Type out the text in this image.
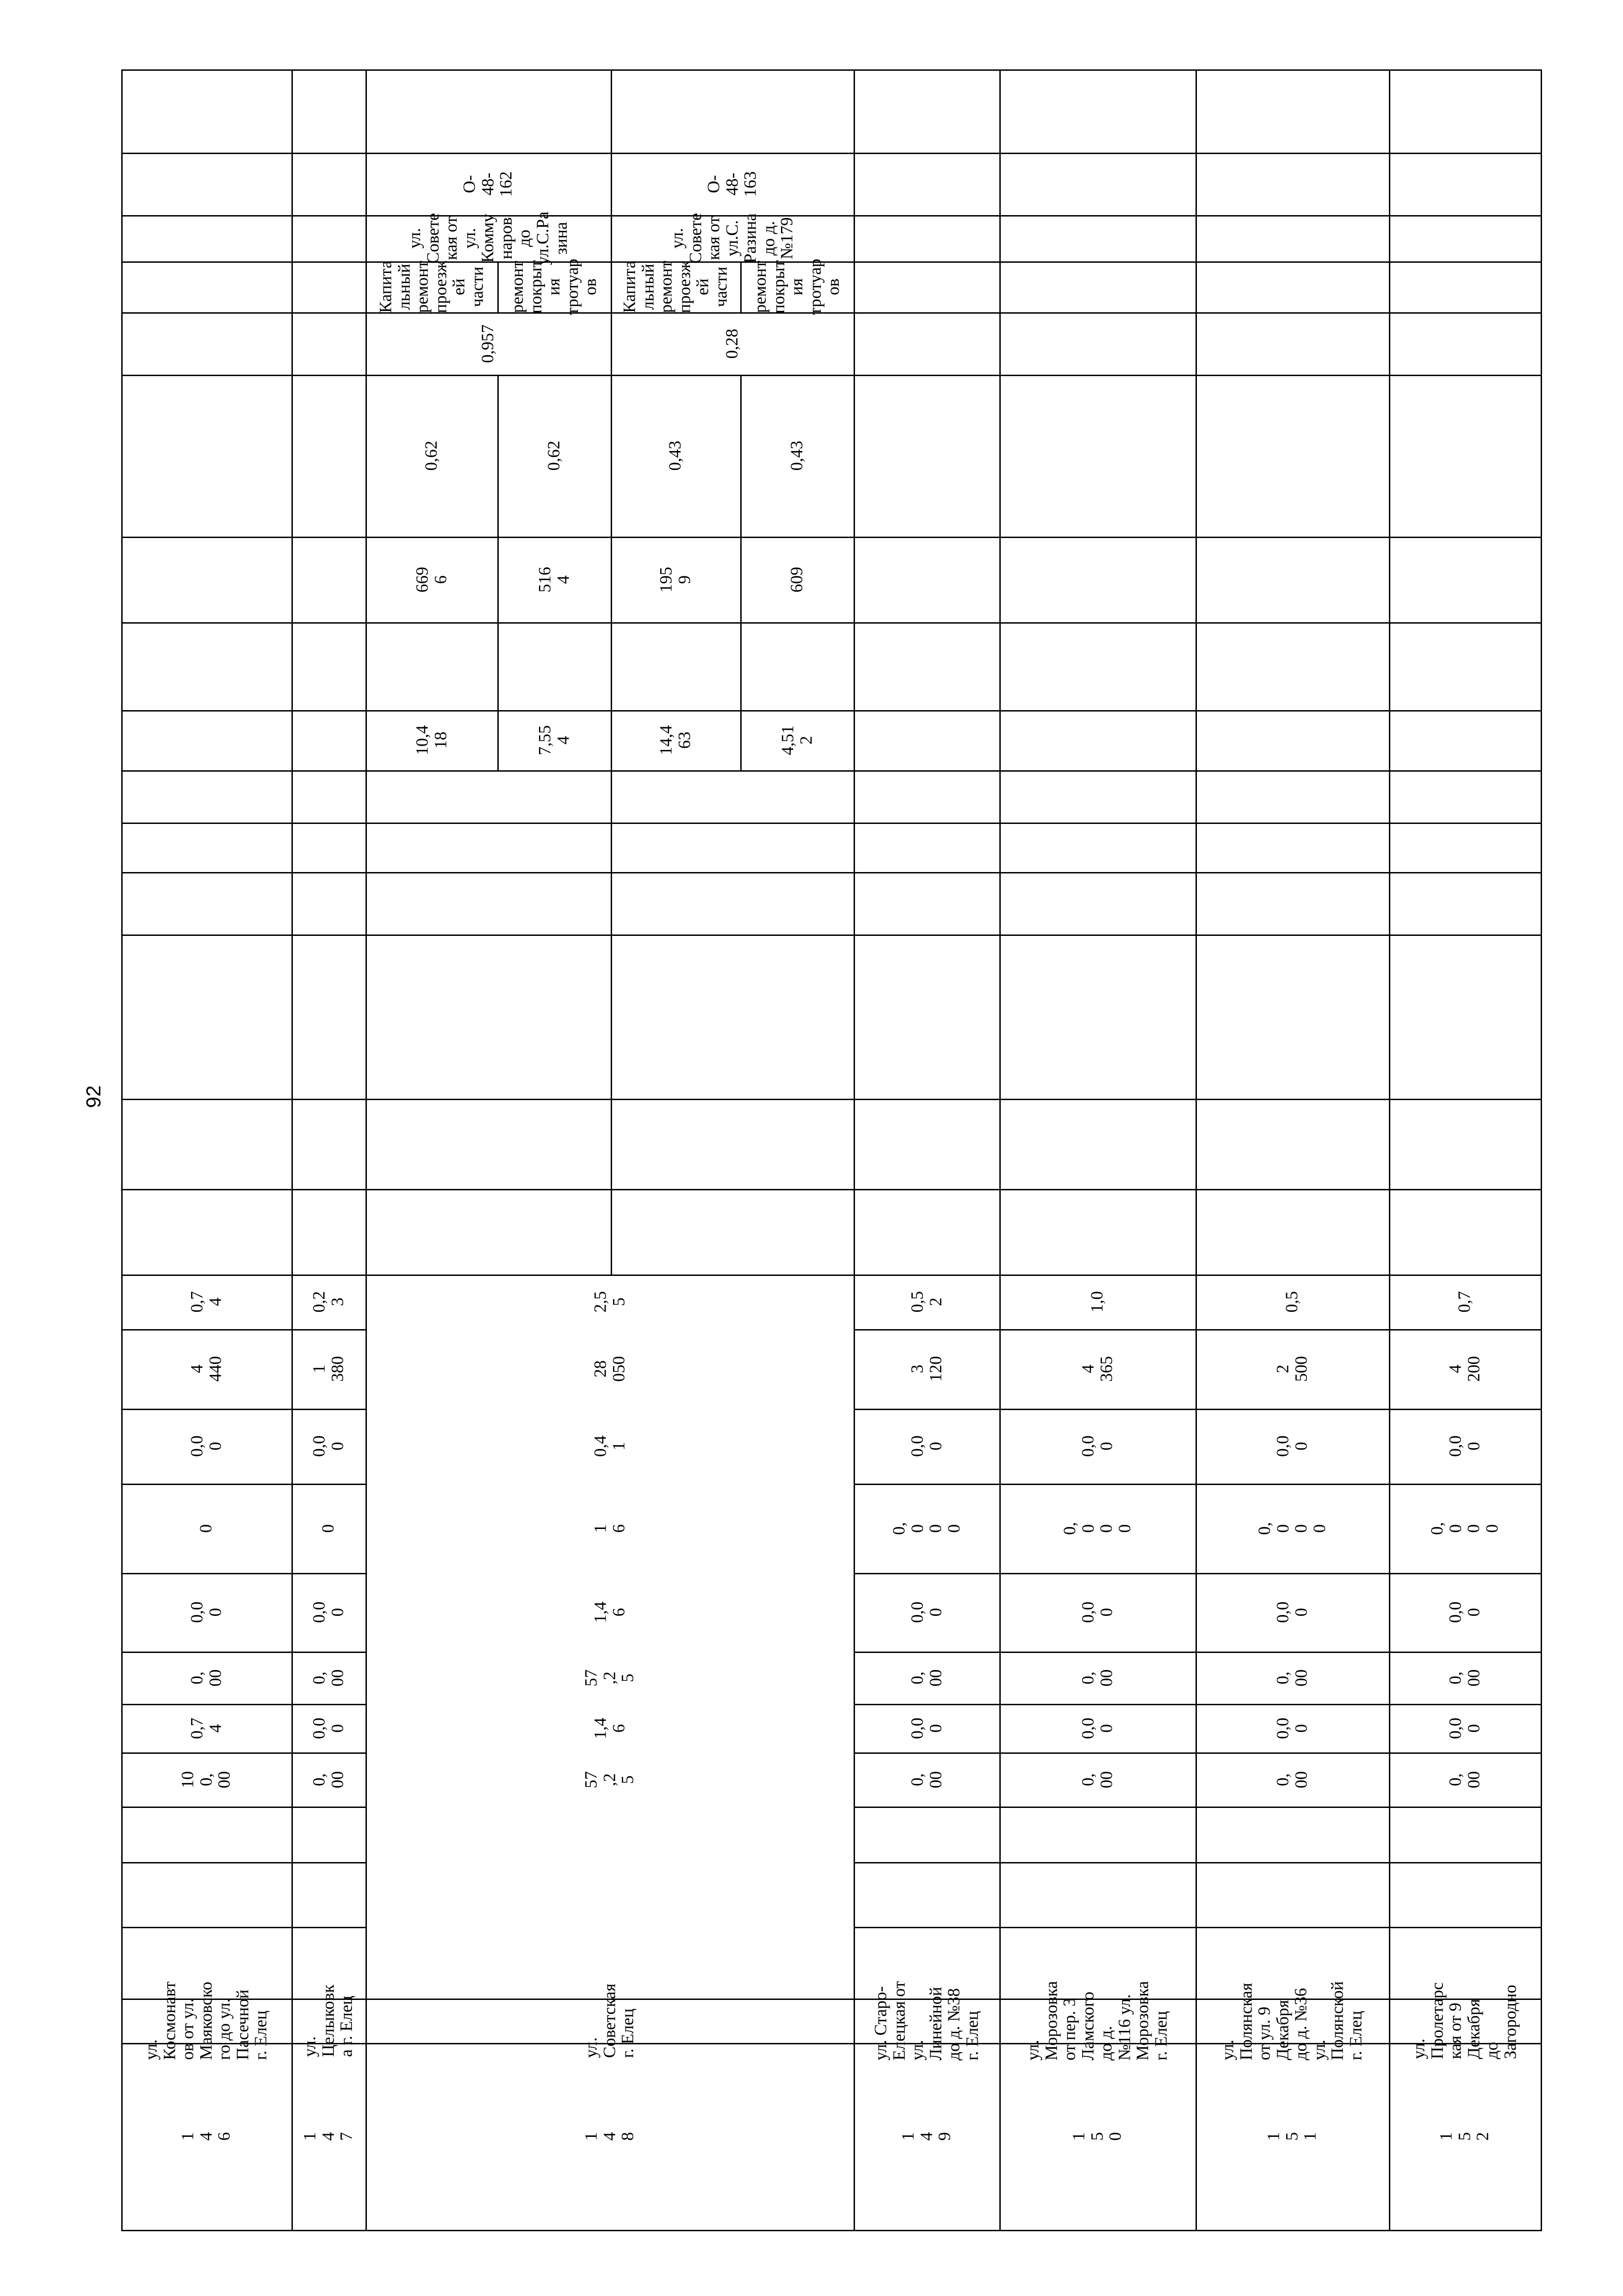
92
1
4
6
ул.
Космонавт
ов от ул.
Маяковско
го до ул.
Пасечной
г. Елец
0,7
4
4
440
0,0
0
0
0,0
0
0,
00
0,7
4
10
0,
00
1
4
7
ул.
Целыковк
а г. Елец
0,2
3
1
380
0,0
0
0
0,0
0
0,
00
0,0
0
0,
00
1
4
8
ул.
Советская
г. Елец
2,5
5
28
050
0,4
1
1
6
1,4
6
57
,2
5
1,4
6
57
,2
5
О-
48-
162
ул.
Совете
кая от
ул.
Комму
наров
до
ул.С.Ра
зина
Капита
льный
ремонт
проезж
ей
части
0,957
0,62
669
6
10,4
18
ремонт
покрыт
ия
тротуар
ов
0,62
516
4
7,55
4
О-
48-
163
ул.
Совете
кая от
ул.С.
Разина
до д.
№179
Капита
льный
ремонт
проезж
ей
части
0,28
0,43
195
9
14,4
63
ремонт
покрыт
ия
тротуар
ов
0,43
609
4,51
2
1
4
9
ул. Старо-
Елецкая от
ул.
Линейной
до д. №38
г. Елец
0,5
2
3
120
0,0
0
0,
0
0
0
0,0
0
0,
00
0,0
0
0,
00
1
5
0
ул.
Морозовка
от пер. 3
Ламского
до д.
№116 ул.
Морозовка
г. Елец
1,0
4
365
0,0
0
0,
0
0
0
0,0
0
0,
00
0,0
0
0,
00
1
5
1
ул.
Полянская
от ул. 9
Декабря
до д. №36
ул.
Полянской
г. Елец
0,5
2
500
0,0
0
0,
0
0
0
0,0
0
0,
00
0,0
0
0,
00
1
5
2
ул.
Пролетарс
кая от 9
Декабря
до
Загородно
0,7
4
200
0,0
0
0,
0
0
0
0,0
0
0,
00
0,0
0
0,
00
